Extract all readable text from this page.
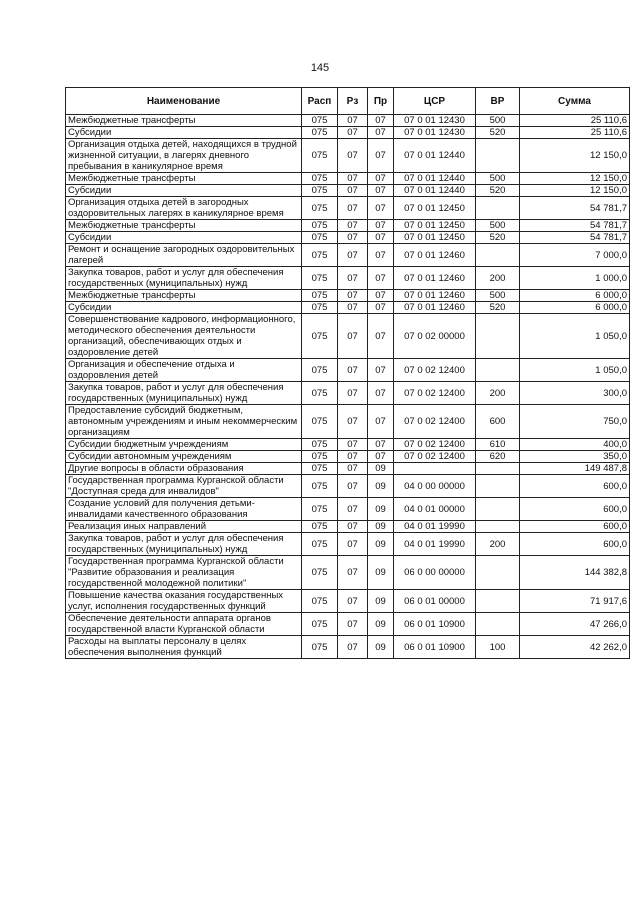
145
Наименование	Расп	Рз	Пр	ЦСР	ВР	Сумма
Межбюджетные трансферты	075	07	07	07 0 01 12430	500	25 110,6
Субсидии	075	07	07	07 0 01 12430	520	25 110,6
Организация отдыха детей, находящихся в трудной жизненной ситуации, в лагерях дневного пребывания в каникулярное время	075	07	07	07 0 01 12440		12 150,0
Межбюджетные трансферты	075	07	07	07 0 01 12440	500	12 150,0
Субсидии	075	07	07	07 0 01 12440	520	12 150,0
Организация отдыха детей в загородных оздоровительных лагерях в каникулярное время	075	07	07	07 0 01 12450		54 781,7
Межбюджетные трансферты	075	07	07	07 0 01 12450	500	54 781,7
Субсидии	075	07	07	07 0 01 12450	520	54 781,7
Ремонт и оснащение загородных оздоровительных лагерей	075	07	07	07 0 01 12460		7 000,0
Закупка товаров, работ и услуг для обеспечения государственных (муниципальных) нужд	075	07	07	07 0 01 12460	200	1 000,0
Межбюджетные трансферты	075	07	07	07 0 01 12460	500	6 000,0
Субсидии	075	07	07	07 0 01 12460	520	6 000,0
Совершенствование кадрового, информационного, методического обеспечения деятельности организаций, обеспечивающих отдых и оздоровление детей	075	07	07	07 0 02 00000		1 050,0
Организация и обеспечение отдыха и оздоровления детей	075	07	07	07 0 02 12400		1 050,0
Закупка товаров, работ и услуг для обеспечения государственных (муниципальных) нужд	075	07	07	07 0 02 12400	200	300,0
Предоставление субсидий бюджетным, автономным учреждениям и иным некоммерческим организациям	075	07	07	07 0 02 12400	600	750,0
Субсидии бюджетным учреждениям	075	07	07	07 0 02 12400	610	400,0
Субсидии автономным учреждениям	075	07	07	07 0 02 12400	620	350,0
Другие вопросы в области образования	075	07	09			149 487,8
Государственная программа Курганской области "Доступная среда для инвалидов"	075	07	09	04 0 00 00000		600,0
Создание условий для получения детьми-инвалидами качественного образования	075	07	09	04 0 01 00000		600,0
Реализация иных направлений	075	07	09	04 0 01 19990		600,0
Закупка товаров, работ и услуг для обеспечения государственных (муниципальных) нужд	075	07	09	04 0 01 19990	200	600,0
Государственная программа Курганской области "Развитие образования и реализация государственной молодежной политики"	075	07	09	06 0 00 00000		144 382,8
Повышение качества оказания государственных услуг, исполнения государственных функций	075	07	09	06 0 01 00000		71 917,6
Обеспечение деятельности аппарата органов государственной власти Курганской области	075	07	09	06 0 01 10900		47 266,0
Расходы на выплаты персоналу в целях обеспечения выполнения функций	075	07	09	06 0 01 10900	100	42 262,0
